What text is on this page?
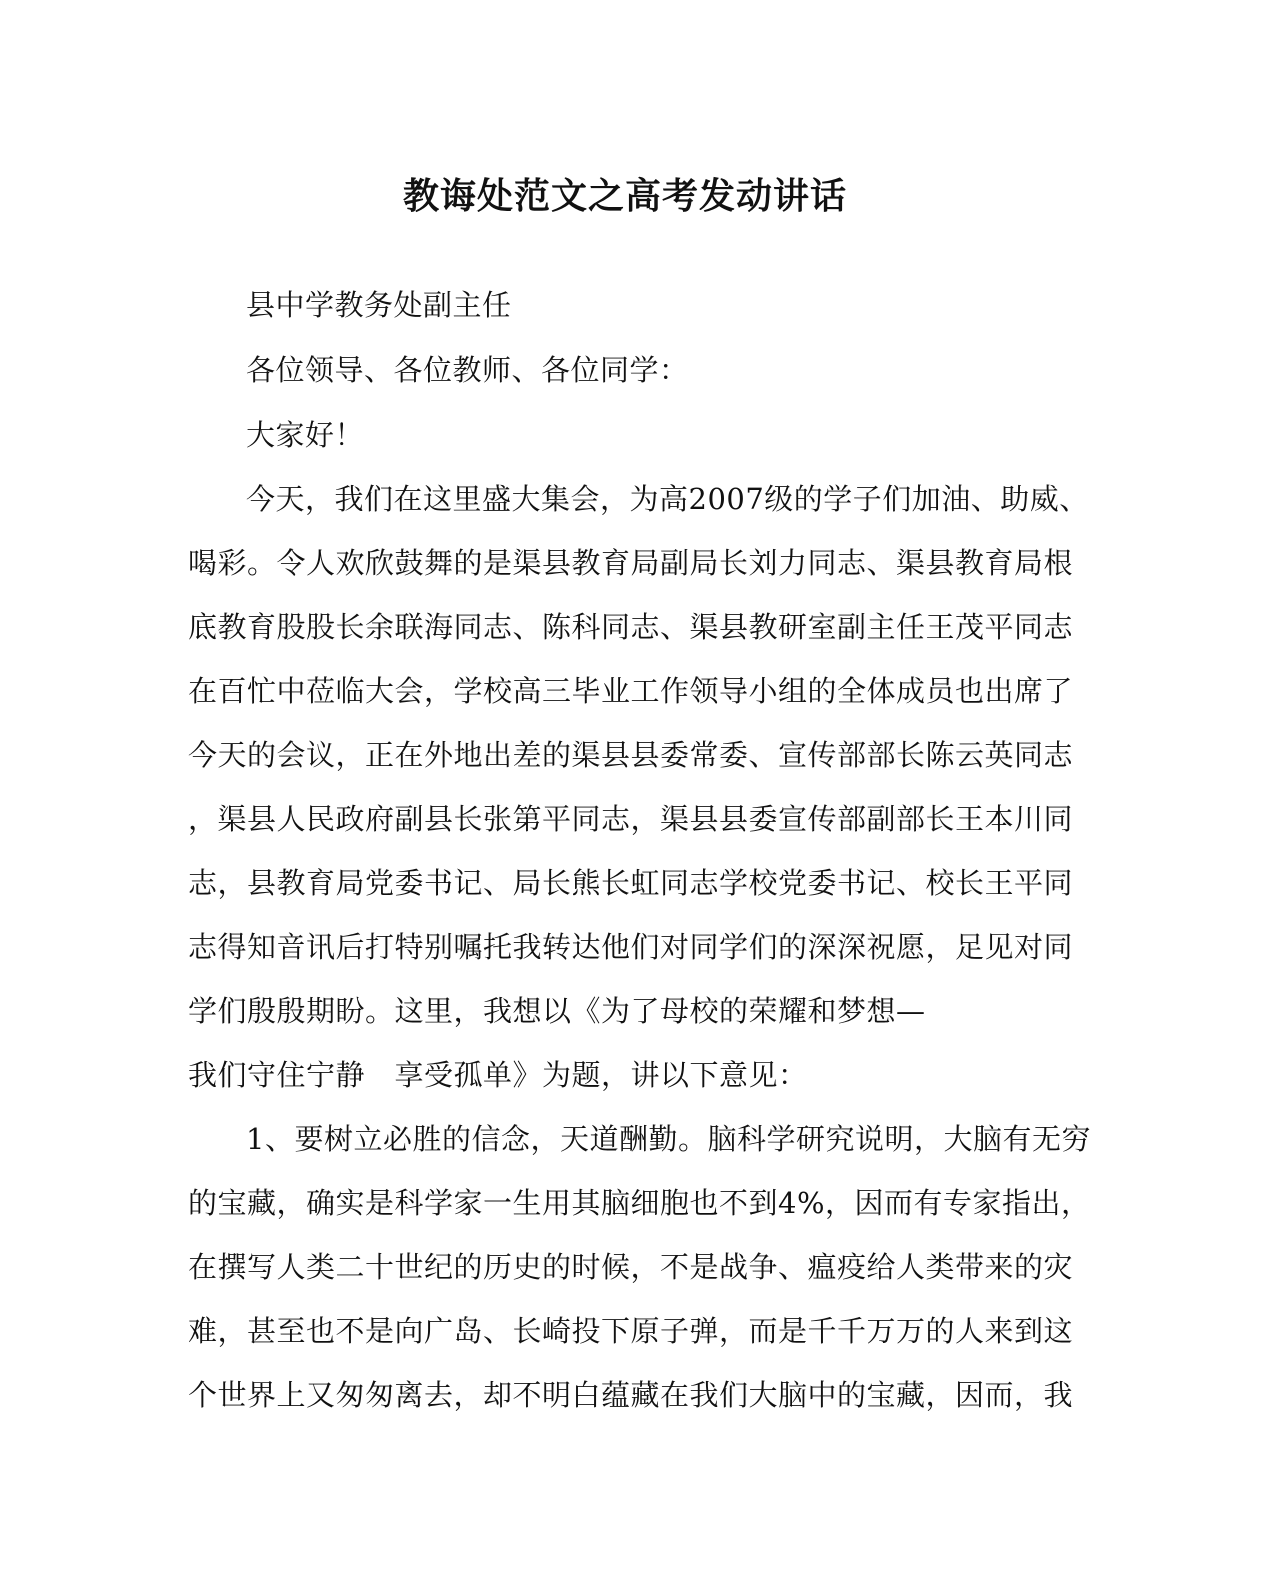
教诲处范文之高考发动讲话
县中学教务处副主任
各位领导、各位教师、各位同学：
大家好！
今天，我们在这里盛大集会，为高2007级的学子们加油、助威、
喝彩。令人欢欣鼓舞的是渠县教育局副局长刘力同志、渠县教育局根
底教育股股长余联海同志、陈科同志、渠县教研室副主任王茂平同志
在百忙中莅临大会，学校高三毕业工作领导小组的全体成员也出席了
今天的会议，正在外地出差的渠县县委常委、宣传部部长陈云英同志
，渠县人民政府副县长张第平同志，渠县县委宣传部副部长王本川同
志，县教育局党委书记、局长熊长虹同志学校党委书记、校长王平同
志得知音讯后打特别嘱托我转达他们对同学们的深深祝愿，足见对同
学们殷殷期盼。这里，我想以《为了母校的荣耀和梦想—
我们守住宁静　享受孤单》为题，讲以下意见：
1、要树立必胜的信念，天道酬勤。脑科学研究说明，大脑有无穷
的宝藏，确实是科学家一生用其脑细胞也不到4%，因而有专家指出，
在撰写人类二十世纪的历史的时候，不是战争、瘟疫给人类带来的灾
难，甚至也不是向广岛、长崎投下原子弹，而是千千万万的人来到这
个世界上又匆匆离去，却不明白蕴藏在我们大脑中的宝藏，因而，我
